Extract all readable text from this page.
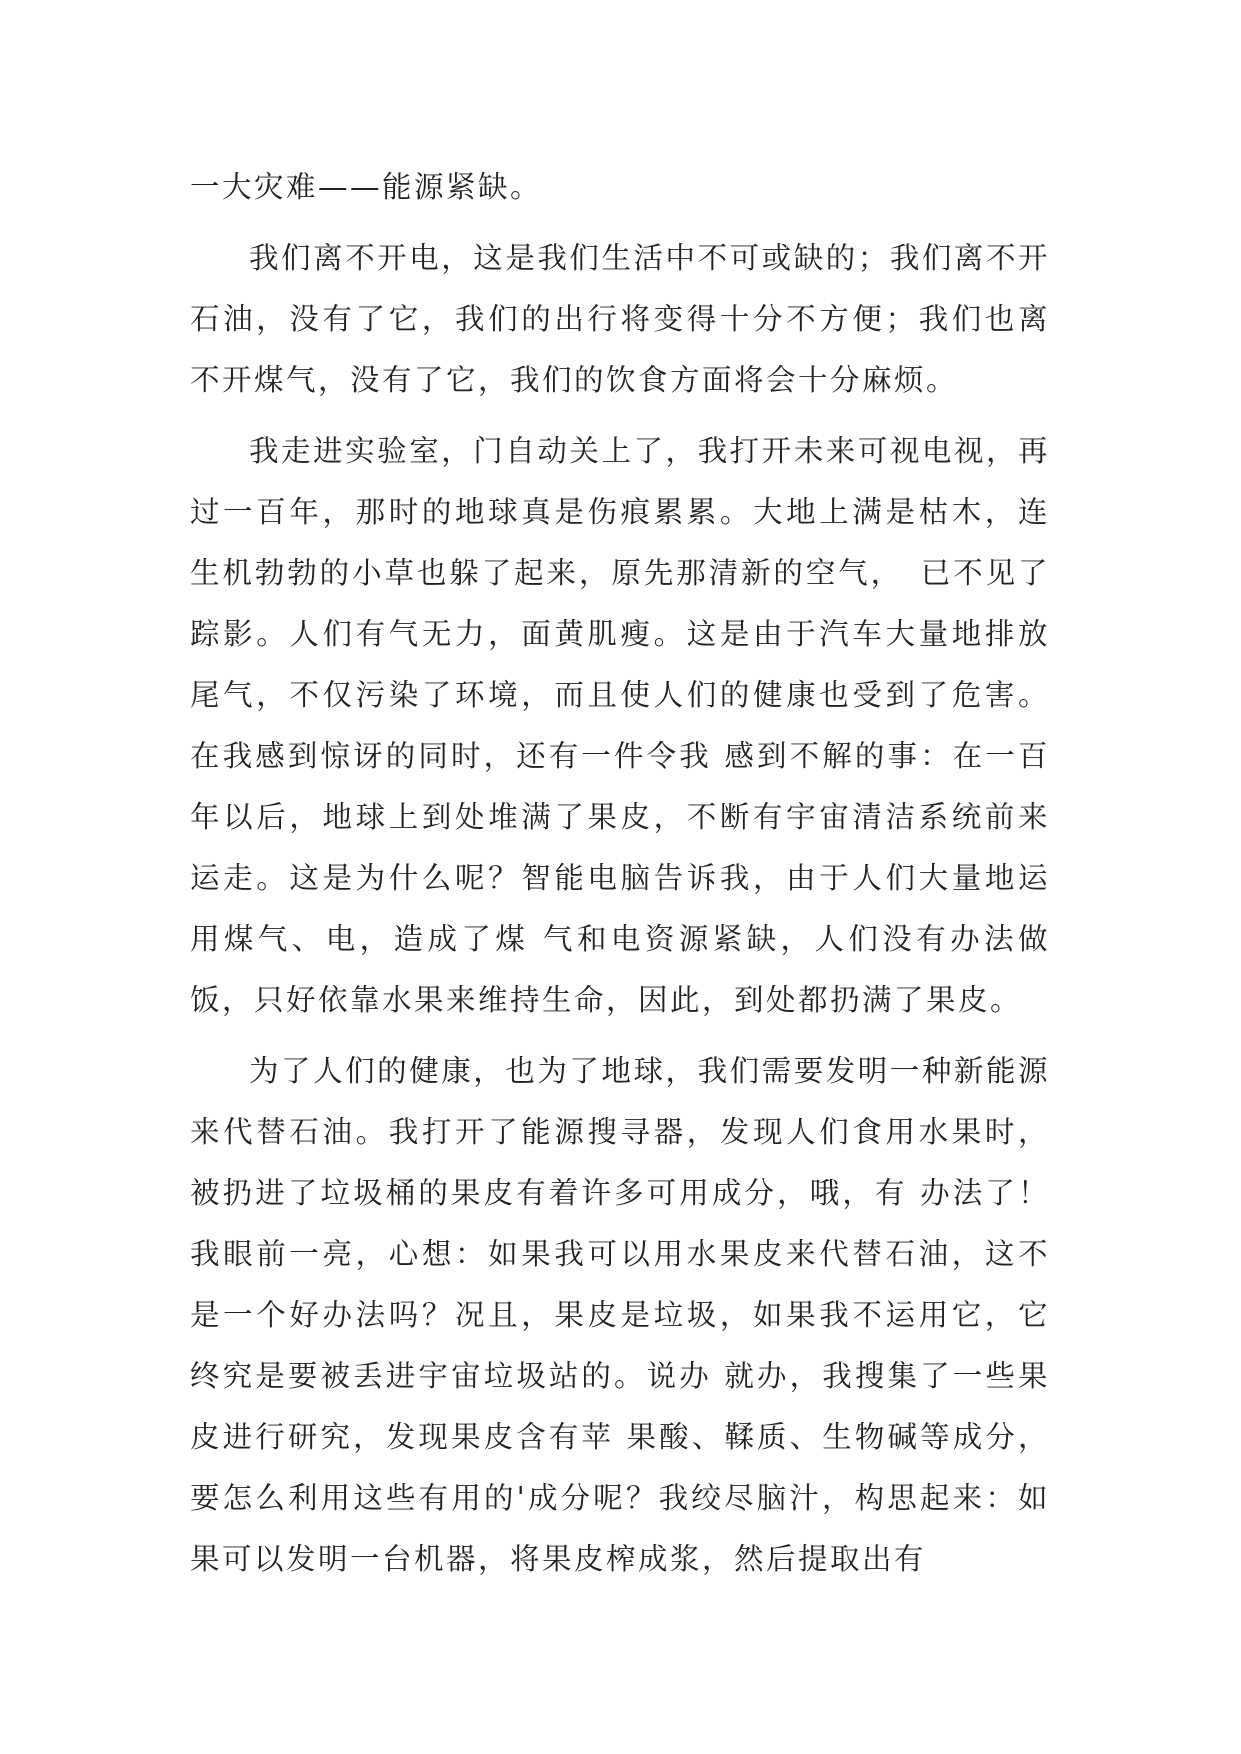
一大灾难——能源紧缺。

我们离不开电，这是我们生活中不可或缺的；我们离不开石油，没有了它，我们的出行将变得十分不方便；我们也离不开煤气，没有了它，我们的饮食方面将会十分麻烦。

我走进实验室，门自动关上了，我打开未来可视电视，再过一百年，那时的地球真是伤痕累累。大地上满是枯木，连生机勃勃的小草也躲了起来，原先那清新的空气，　已不见了踪影。人们有气无力，面黄肌瘦。这是由于汽车大量地排放尾气，不仅污染了环境，而且使人们的健康也受到了危害。在我感到惊讶的同时，还有一件令我 感到不解的事：在一百年以后，地球上到处堆满了果皮，不断有宇宙清洁系统前来运走。这是为什么呢？智能电脑告诉我，由于人们大量地运用煤气、电，造成了煤 气和电资源紧缺，人们没有办法做饭，只好依靠水果来维持生命，因此，到处都扔满了果皮。

为了人们的健康，也为了地球，我们需要发明一种新能源来代替石油。我打开了能源搜寻器，发现人们食用水果时，被扔进了垃圾桶的果皮有着许多可用成分，哦，有 办法了！我眼前一亮，心想：如果我可以用水果皮来代替石油，这不是一个好办法吗？况且，果皮是垃圾，如果我不运用它，它终究是要被丢进宇宙垃圾站的。说办 就办，我搜集了一些果皮进行研究，发现果皮含有苹 果酸、鞣质、生物碱等成分，要怎么利用这些有用的'成分呢？我绞尽脑汁，构思起来：如果可以发明一台机器，将果皮榨成浆，然后提取出有
